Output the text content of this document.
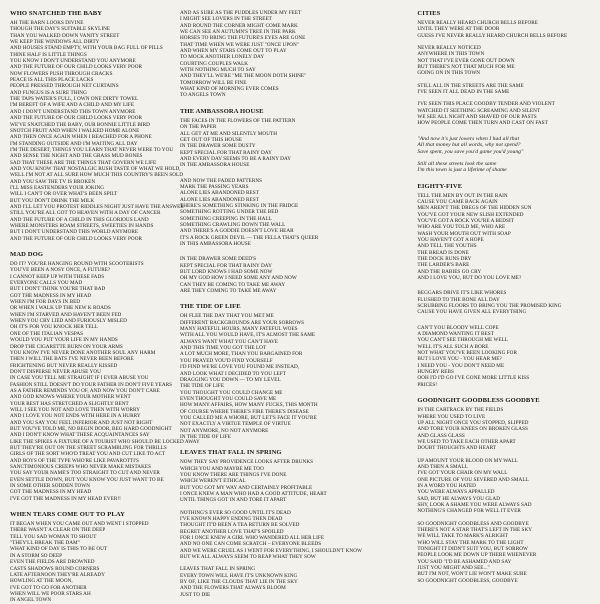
WHO SNATCHED THE BABY
AH THE BARN LOOKS DIVINE
THOUGH THE DAY'S SUITABLE SKYLINE
THAN YOU WALKED DOWN VANITY STREET
WE KEEP THE WINDOWS ALL DIRTY
AND HOUSES STAND EMPTY, WITH YOUR BAG FULL OF PILLS
THINE HALF IS LITTLE THINGS
YOU KNOW I DON'T UNDERSTAND YOU ANYMORE
AND THE FUTURE OF OUR CHILD LOOKS VERY POOR
NOW FLOWERS PUSH THROUGH CRACKS
PEACE IS ALL THIS PLACE LACKS
PEOPLE PRESSED THROUGH NET CURTAINS
AND FUNGUS IS A SURE THING
THE TAPS WATER'S FULL, I OWN ONE DIRTY TOWEL
I'M BEREFT OF A WIFE AND A CHILD AND MY LIFE
AND I DON'T UNDERSTAND THIS TOWN ANYMORE
AND THE FUTURE OF OUR CHILD LOOKS VERY POOR
WE'VE SNATCHED THE BABY, OUR BONNIE LITTLE BIRD
SNOTCH FRUIT AND WHEN I WALKED HOME ALONE
AND THEN ONCE AGAIN WHEN I REACHED FOR A PHONE
I'M STANDING OUTSIDE AND I'M WAITING ALL DAY
I'M THE DESERT, THINGS YOU LEARN THAT NEVER WERE TO YOU
AND SENSE THE NIGHT AND THE GRASS MUD BONES
SAD THAT THESE ARE THE THINGS THAT GOVERN WE LIFE
AND YOU KNOW THAT NOSTALGIC RUSH TASTE OF WHAT WE HOLD,
WELL I'M NOT AT ALL SURE HOW MUCH THIS COUNTRY'S BEEN SOLD
AND YOU SAW THE TV IS BROKEN
I'LL MISS EASTENDERS YOUR JOKING
WILL I CAN'T OR OVER WHAT'S BEEN SPILT
BUT YOU DON'T DRINK THE MILK
AND I'LL LET YOU PROTEST RIDDLES NIGHT JUST HAVE THE ANSWER
STILL YOU'RE ALL GOT TO HEAVEN WITH A DAY OF CANCER
AND THE FUTURE OF A CHILD IN THIS GLORIOUS LAND
WHERE MONSTERS ROAM STREETS, SWEETIES IN HANDS
BUT I DON'T UNDERSTAND THIS WORLD ANYMORE
AND THE FUTURE OF OUR CHILD LOOKS VERY POOR
MAD DOG
DO IT? YOU'RE HANGING ROUND WITH SCOOTERISTS
YOU'VE BEEN A NOSY ONCE, A FUTURE?
I CANNOT KEEP UP WITH THESE FADS
EVERYONE CALLS YOU MAD
BUT I DON'T THINK YOU'RE THAT BAD
GOT THE MADNESS IN MY HEAD
WHEN I'M FOR DAYS IN BED
OR WHEN I WALK UP THE NEW K ROADS
WHEN I'M STARVED AND HAVEN'T BEEN FED
WHEN YOU CRY LIED AND FURIOUSLY MISLED
OH IT'S FOR YOU KNOCK HER TELL
ONE OF THE ITALIAN VESPAS
WOULD YOU PUT YOUR LIFE IN MY HANDS
DROP THE CIGARETTE BURN ON YOUR ARMS
YOU KNOW I'VE NEVER DONE ANOTHER SOUL ANY HARM
THEN I WILL THE BATS I'VE NEVER BEEN BEFORE
FRIGHTENING BUT NEVER REALLY KISSED
DON'T DISPERSE NEVER ABUSE YOU
IN CASE YOU TELL ME STRAIGHT IF I EVER ABUSE YOU
FASHION STILL DOESN'T DO YOUR FATHER IN DON'T FIVE YEARS
AS A FATHER REMINDS YOU OF, AND NOW YOU DON'T CARE
AND GOD KNOWS WHERE YOUR MOTHER WENT
YOUR REST HAS STRETCHED A SLIGHTLY BENT
WILL I SEE YOU NOT AND LOVE THEN WITH WORRY
AND I LOVE YOU NOT ENDS WITH HERE IN A HURRY
AND YOU SAY YOU FEEL INFERIOR AND JUST NOT RIGHT
BUT YOU'VE TOLD ME, NO BEGIN DOOR, BEG HARD GOODNIGHT
AND I DON'T KNOW WHAT THESE ACQUAINTANCES SAY
LIKE THE SPIKES A FIXTURE OF A TOURIST WHO SHOULD BE LOCKED AWAY
BUT THEY'RE OUT ON THE STREET SCRAMBLING FOR THRILLS
GIRLS OF THE SORT WHO'D TREAT YOU AND CUT LIKE TO ACT
AND BOYS OF THE TYPE WHO'RE LIKE PAVAROTTI'S
SANCTIMONIOUS CREEPS WHO NEVER MAKE MISTAKES
YOU SAY YOUR NAME'S TOO STRAIGHT TO CUT AND NEVER
EVEN SETTLE DOWN, BUT YOU KNOW YOU JUST WANT TO BE
IN SOME OTHER SODDEN TOWN
GOT THE MADNESS IN MY HEAD
I'VE GOT THE MADNESS IN MY HEAD EVER!!
WHEN TEARS COME OUT TO PLAY
IT BEGAN WHEN YOU CAME OUT AND WENT I STOPPED
THERE WASN'T A CLEAR ON THE DEEP
TELL YOU SAD WOMAN TO SHOUT
"THEY'LL BREAK THE DAM"
WHAT KIND OF DAY IS THIS TO BE OUT
IN A STORM SO DEEP
EVEN THE FIELDS ARE DROWNED
CASTS SHADOWS ROUND CORNERS
LATE AFTERNOON THEY'RE ALREADY
HOWLING AT THE MOON,
I'VE GOT TO GO FOR ANOTHER
WHEN WILL WE POOR STARS AH
IN ANGEL TOWN
AND AS SURE AS THE PUDDLES UNDER MY FEET
I MIGHT SEE LOVERS IN THE STREET
AND ROUND THE CORNER MIGHT COME MARK
WE CAN SEE AN AUTUMN'S TREE IN THE PARK
HORSES TO BRING THE FUTURE'S EYES ARE GONE
THAT TIME WHEN WE WERE JUST "ONCE UPON"
AND WHEN MY STARS COME OUT TO PLAY
TO MOCK ANOTHER LONELY DAY
COURTING COUPLES WALK
WITH NOTHING MUCH TO SAY
AND THEY'LL WE'RE "ME THE MOON DOTH SHINE"
TOMORROW WILL BE FINE
WHAT KIND OF MORNING EVER COMES
TO ANGELS TOWN
THE AMBASSORA HOUSE
THE FACES IN THE FLOWERS OF THE PATTERN
ON THE PAPER
ALL GET AT ME AND SILENTLY MOUTH
GET OUT OF THIS HOUSE
IN THE DRAWER SOME DUSTY
KEPT SPECIAL FOR THAT RAINY DAY
AND EVERY DAY SEEMS TO BE A RAINY DAY
IN THE AMBASSORA HOUSE
AND NOW THE FADED PATTERNS
MARK THE PASSING YEARS
ALONE LIES ABANDONED REST
ALONE LIES ABANDONED REST
THERE'S SOMETHING STINKING IN THE FRIDGE
SOMETHING ROTTING UNDER THE BED
SOMETHING CREEPING IN THE HALL
SOMETHING CRAWLING DOWN THE WALL
AND THERE'S A GODDIE DOESN'T LOVE HEAR
IT'S A ROCK GREEN DEVIL — THE FELLA THAT'S QUEER
IN THIS AMBASSORA HOUSE
IN THE DRAWER SOME DEED'S
KEPT SPECIAL FOR THAT RAINY DAY
BUT LORD KNOWS I HAD SOME NOW
OH MY GOD HOW I NEED SOME ANY AND NOW
CAN THEY BE COMING TO TAKE ME AWAY
ARE THEY COMING TO TAKE ME AWAY
THE TIDE OF LIFE
OH FLEE THE DAY THAT YOU MET ME
DIFFERENT BACKGROUNDS ARE YOUR SORROWS
MANY HATEFUL HOURS, MANY FATEFUL WOES
WITH ALL YOU WOULD HAVE, IT'S ALMOST THE SAME
ALWAYS WANT WHAT YOU CAN'T HAVE
AND THIS TIME YOU GOT THE LOT
A LOT MUCH MORE, THAN YOU BARGAINED FOR
YOU PRAYED YOU'D FIND YOURSELF
I'D FIND WE'RE LOVE YOU FOUND ME INSTEAD,
AND LOOK WHAT I DECIDED TO YOU LEFT
DRAGGING YOU DOWN — TO MY LEVEL
THE TIDE OF LIFE
YOU THOUGHT YOU COULD CHANGE ME
EVEN THOUGHT YOU COULD SAVE ME
HOW MANY AFFAIRS, HOW MANY FUCKS, THIS MONTH
OF COURSE WHERE THERE'S FIRE THERE'S DISEASE
YOU CALLED ME A WHORE, BUT LET'S FACE IT YOU'RE
NOT EXACTLY A VIRTUE TEMPLE OF VIRTUE
NOT ANYMORE, NO NOT ANYMORE
IN THE TIDE OF LIFE
LEAVES THAT FALL IN SPRING
NOW THEY SAY PROVIDENCE LOOKS AFTER DRUNKS
WHICH YOU AND MAYBE ME TOO
YOU KNOW THERE ARE THINGS I'VE DONE
WHICH WEREN'T ETHICAL
BUT YOU GOT MY WAY AND CERTAINLY PROFITABLE
I ONCE KNEW A MAN WHO HAD A GOOD ATTITUDE, HEART
UNTIL THINGS GOT IN AND TORE IT APART
NOTHING'S EVER SO GOOD UNTIL IT'S DEAD
I'VE KNOWN HAPPY ENDING THEN DEAD
THOUGHT IT'D BEEN A TEA RETURN BE SOLVED
REGRET ANOTHER LOVE THAT'S SPOILED
FOR I ONCE KNEW A GIRL WHO WANDERED ALL HER LIFE
AND NO ONE CAN COME SCRATCH – EVERYONE BLEEDS
AND WE WERE CRUEL AS I WENT FOR EVERYTHING, I SHOULDN'T KNOW
BUT WE ALL ALWAYS SEEM TO REAP WHAT THEY SOW
LEAVES THAT FALL IN SPRING
EVERY TOWN WILL HAVE IT'S UNKNOWN KING
BY OF, LIKE THE CLOUDS THAT LIE IN THE SKY
AND THE FLOWERS THAT ALWAYS BLOOM
JUST TO DIE
CITIES
NEVER REALLY HEARD CHURCH BELLS BEFORE
UNTIL THEY WERE AT THE DOOR
GUESS I'VE NEVER REALLY HEARD CHURCH BELLS BEFORE
NEVER REALLY NOTICED
ANYWHERE IN THIS TOWN
NOT THAT I'VE EVER GONE OUT DOWN
BUT THERE'S NOT THAT MUCH FOR ME
GOING ON IN THIS TOWN
STILL ALL IN THE STREETS ARE THE SAME
I'VE SEEN IT ALL DEAD IN THE SAME
I'VE SEEN THIS PLACE GOODBY TENDER AND VIOLENT
WATCHED IT SEETHING SCREAMING AND SILENT
WE SEE ALL NIGHT AND SHAVED OF OUR PASTS
HOW PEOPLE COME THEN TURN AND CAST ON FAST
"And now it's just lowers when I had all that
All that money but all words, why not spend?
Save spent, you save you'd game you'd young"
Still all these streets look the same
I'm this town is just a lifetime of shame
EIGHTY-FIVE
TELL THE MEN BY OUT IN THE RAIN
CAUSE YOU CAME BACK AGAIN
MEN AREN'T THE DREGS OF THE HIDDEN SUN
YOU'VE GOT YOUR NEW SLISH EXTENDED
YOU'VE GOT A ROCK YOU'RE A BEDSIT
WHO ARE YOU TOLD ME, WHO ARE
WASH YOUR MOUTH OUT WITH SOAP
YOU HAVEN'T GOT A HOPE
AND TELL THE YOUTHS
THE BREAD IS DONE
THE DOCK RUNS DRY
THE LARDER'S BARE
AND THE BABIES GO CRY
AND I LOVE YOU, BUT DO YOU LOVE ME?
BEGGARS DRIVE IT'S LIKE WHORES
FLUSHED TO THE BONE ALL DAY
SCRUBBING FLOORS TO BRING YOU THE PROMISED KING
CAUSE YOU HAVE GIVEN ALL EVERYTHING
CAN'T YOU BLOODY WELL COPE
A DIAMOND WANTING IT BEST
YOU CAN'T SEE THROUGH ME WELL
WELL IT'S ALL SUCH A BORE
NOT WHAT YOU'VE BEEN LOOKING FOR
BUT I LOVE YOU - YOU HEAR ME?
I NEED YOU - YOU DON'T NEED ME
HUNGRY REBS
OOH I'D I'D GO I'VE GONE MORE LITTLE KISS
PRICES!
GOODNIGHT GOODBLESS GOODBYE
IN THE CARTRACK BY THE FIELDS
WHERE YOU USED TO LIVE
UP ALL NIGHT ONCE YOU STOPPED, SLIPPED
AND TORE YOUR KNEES ON BROKEN GLASS
AND GLASS GLASS
WE USED TO TAKE EACH OTHER APART
DOUBT THOUGHTS AND HEART
UP AMOUNT YOUR BLOOD ON MY WALL
AND THEN A SMALL
I'VE GOT YOUR CHAIR ON MY WALL
ONE PICTURE OF YOU SEVERED AND SMALL
IN A WORD YOU HATED
YOU WERE ALWAYS APPALLED
SAD, BUT HE ALWAYS YOU GLAD
SHY, LOOK A SHAME YOU WERE ALWAYS SAD
NOTHING'S CHANGED FOR WELL IT EVER
SO GOODNIGHT GOODBLESS AND GOODBYE
THERE'S NOT A STAR THAT'S LEFT IN THE SKY
WE WILL TAKE TO MARK'S ALRIGHT
WHO WILL STAY THE MARK TO THE LIGHT
TONIGHT IT DIDN'T SUIT YOU, BUT SORROW
PEOPLE LOOK ME DOWN UP THERE WHENEVER
YOU SAID "I'D BE ASHAMED AND SAY
JUST YOU MIGHT AND SEE..."
BUT I'M NOT, WON'T LIE WON'T MAKE SURE
SO GOODNIGHT GOODBLESS, GOODBYE
